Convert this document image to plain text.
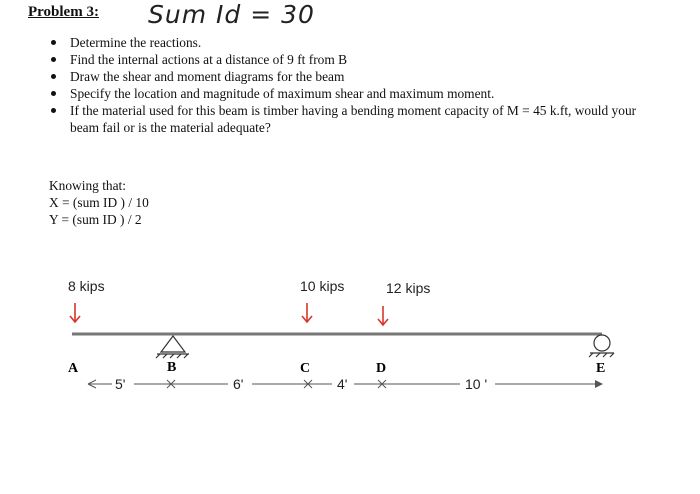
Problem 3: Sum Id = 30
Determine the reactions.
Find the internal actions at a distance of 9 ft from B
Draw the shear and moment diagrams for the beam
Specify the location and magnitude of maximum shear and maximum moment.
If the material used for this beam is timber having a bending moment capacity of M = 45 k.ft, would your beam fail or is the material adequate?
Knowing that:
X = (sum ID ) / 10
Y = (sum ID ) / 2
8 kips	10 kips	12 kips
A	B	C	D	E
5'	6'	4'	10 '
